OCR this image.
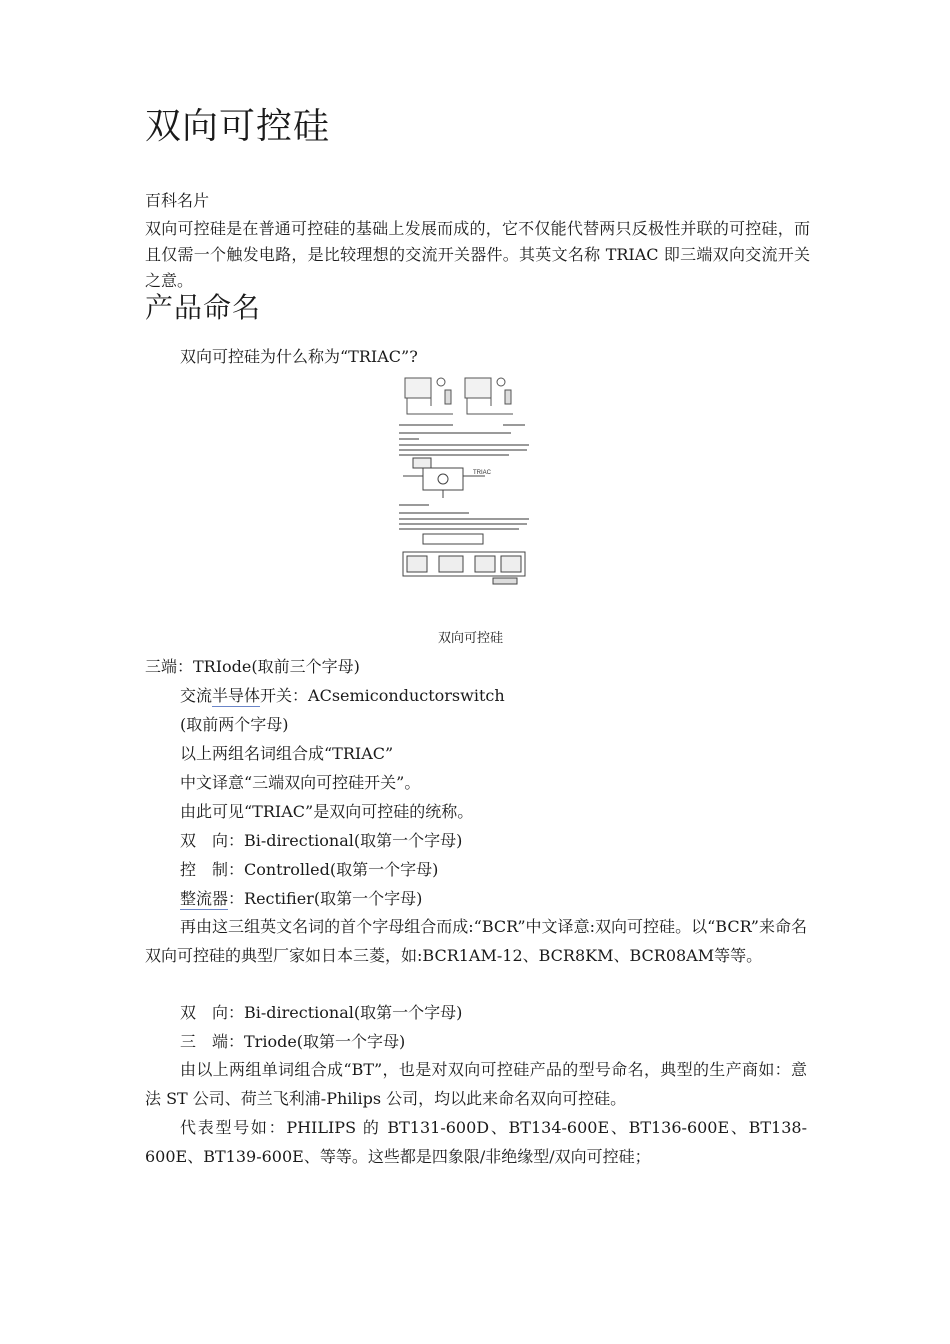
双向可控硅

百科名片

双向可控硅是在普通可控硅的基础上发展而成的，它不仅能代替两只反极性并联的可控硅，而且仅需一个触发电路，是比较理想的交流开关器件。其英文名称 TRIAC 即三端双向交流开关之意。

产品命名

双向可控硅为什么称为“TRIAC”?

TRIAC
双向可控硅

三端：TRIode(取前三个字母)

交流半导体开关：ACsemiconductorswitch

(取前两个字母)

以上两组名词组合成“TRIAC”

中文译意“三端双向可控硅开关”。

由此可见“TRIAC”是双向可控硅的统称。

双　向：Bi-directional(取第一个字母)

控　制：Controlled(取第一个字母)

整流器：Rectifier(取第一个字母)

再由这三组英文名词的首个字母组合而成:“BCR”中文译意:双向可控硅。以“BCR”来命名双向可控硅的典型厂家如日本三菱，如:BCR1AM-12、BCR8KM、BCR08AM等等。

双　向：Bi-directional(取第一个字母)

三　端：Triode(取第一个字母)

由以上两组单词组合成“BT”，也是对双向可控硅产品的型号命名，典型的生产商如：意法 ST 公司、荷兰飞利浦-Philips 公司，均以此来命名双向可控硅。

代表型号如：PHILIPS 的 BT131-600D、BT134-600E、BT136-600E、BT138-600E、BT139-600E、等等。这些都是四象限/非绝缘型/双向可控硅；
